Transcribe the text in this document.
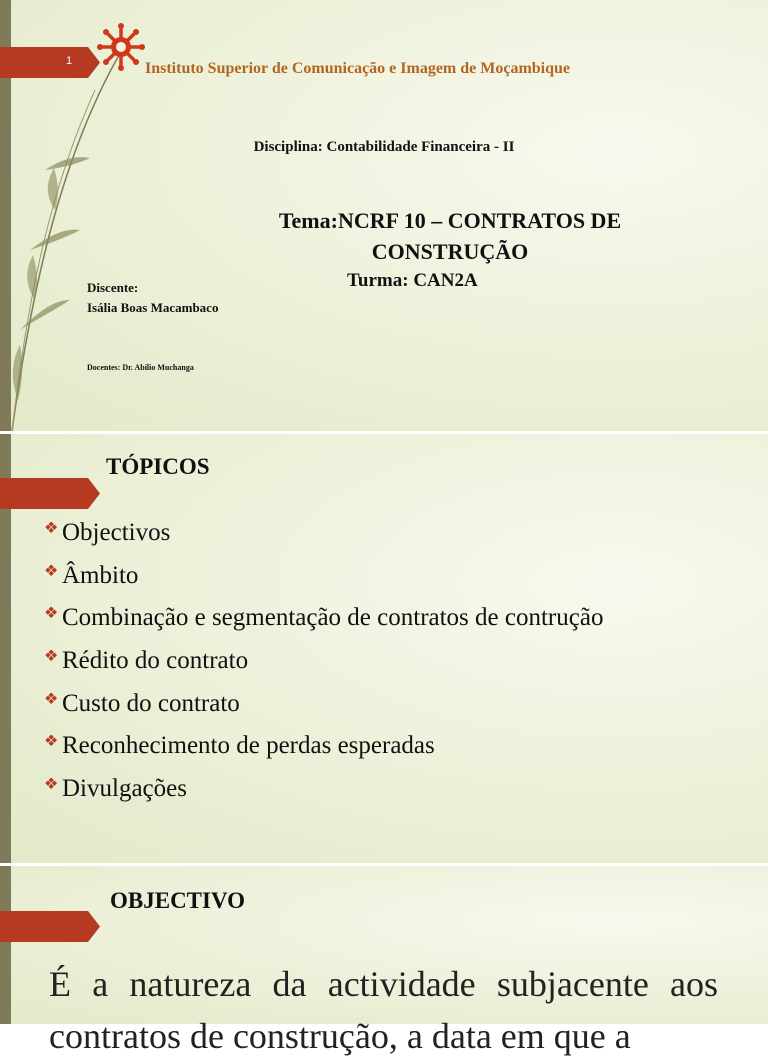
1	Instituto Superior de Comunicação e Imagem de Moçambique
Disciplina: Contabilidade Financeira - II
Tema:NCRF 10 – CONTRATOS DE
CONSTRUÇÃO
Turma: CAN2A
Discente:
Isália Boas Macambaco
Docentes: Dr. Abílio Muchanga
TÓPICOS
❖ Objectivos
❖ Âmbito
❖ Combinação e segmentação de contratos de contrução
❖ Rédito do contrato
❖ Custo do contrato
❖ Reconhecimento de perdas esperadas
❖ Divulgações
OBJECTIVO
É a natureza da actividade subjacente aos contratos de construção, a data em que a
